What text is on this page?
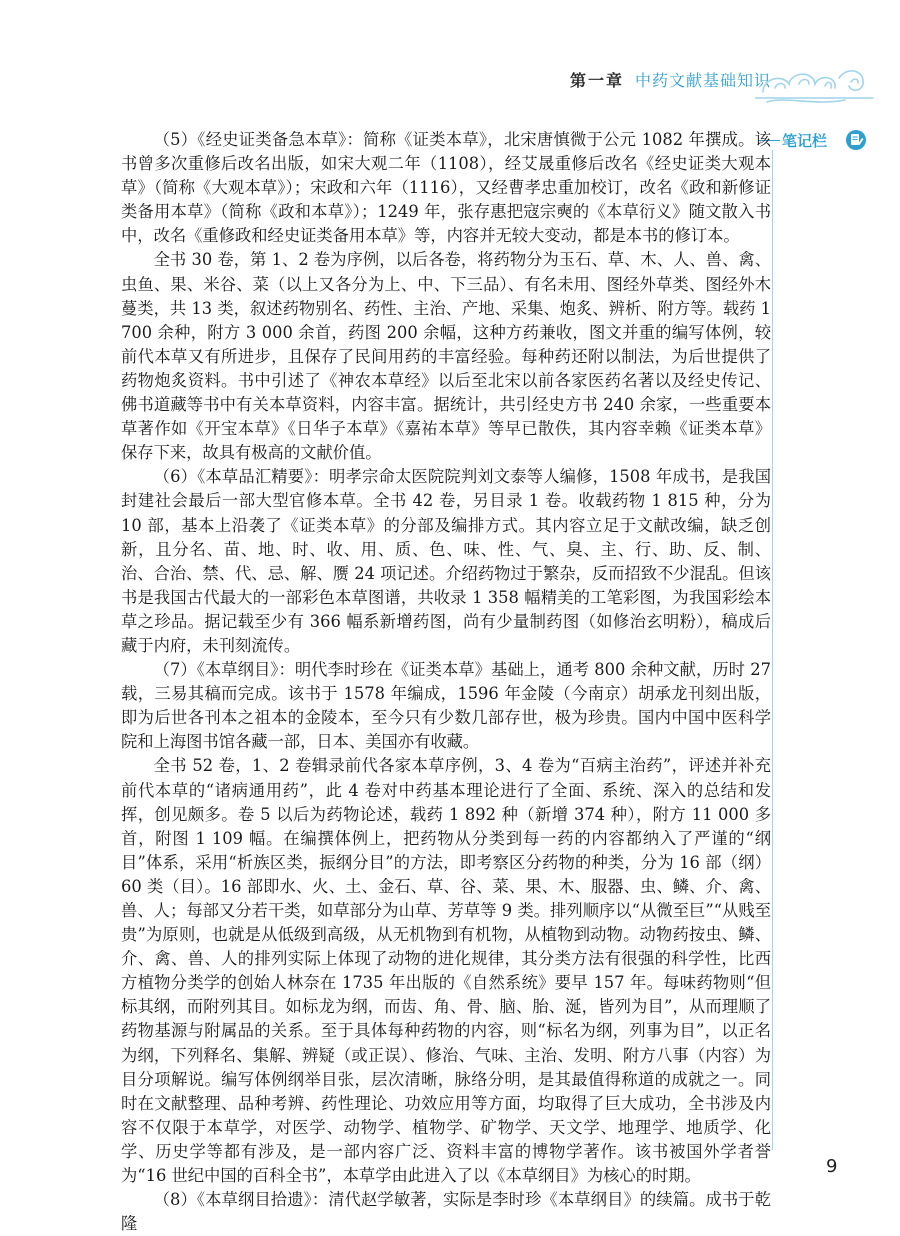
第一章 中药文献基础知识
笔记栏

（5）《经史证类备急本草》：简称《证类本草》，北宋唐慎微于公元 1082 年撰成。该书曾多次重修后改名出版，如宋大观二年（1108），经艾晟重修后改名《经史证类大观本草》（简称《大观本草》）；宋政和六年（1116），又经曹孝忠重加校订，改名《政和新修证类备用本草》（简称《政和本草》）；1249 年，张存惠把寇宗奭的《本草衍义》随文散入书中，改名《重修政和经史证类备用本草》等，内容并无较大变动，都是本书的修订本。

全书 30 卷，第 1、2 卷为序例，以后各卷，将药物分为玉石、草、木、人、兽、禽、虫鱼、果、米谷、菜（以上又各分为上、中、下三品）、有名未用、图经外草类、图经外木蔓类，共 13 类，叙述药物别名、药性、主治、产地、采集、炮炙、辨析、附方等。载药 1 700 余种，附方 3 000 余首，药图 200 余幅，这种方药兼收，图文并重的编写体例，较前代本草又有所进步，且保存了民间用药的丰富经验。每种药还附以制法，为后世提供了药物炮炙资料。书中引述了《神农本草经》以后至北宋以前各家医药名著以及经史传记、佛书道藏等书中有关本草资料，内容丰富。据统计，共引经史方书 240 余家，一些重要本草著作如《开宝本草》《日华子本草》《嘉祐本草》等早已散佚，其内容幸赖《证类本草》保存下来，故具有极高的文献价值。

（6）《本草品汇精要》：明孝宗命太医院院判刘文泰等人编修，1508 年成书，是我国封建社会最后一部大型官修本草。全书 42 卷，另目录 1 卷。收载药物 1 815 种，分为 10 部，基本上沿袭了《证类本草》的分部及编排方式。其内容立足于文献改编，缺乏创新，且分名、苗、地、时、收、用、质、色、味、性、气、臭、主、行、助、反、制、治、合治、禁、代、忌、解、赝 24 项记述。介绍药物过于繁杂，反而招致不少混乱。但该书是我国古代最大的一部彩色本草图谱，共收录 1 358 幅精美的工笔彩图，为我国彩绘本草之珍品。据记载至少有 366 幅系新增药图，尚有少量制药图（如修治玄明粉），稿成后藏于内府，未刊刻流传。

（7）《本草纲目》：明代李时珍在《证类本草》基础上，通考 800 余种文献，历时 27 载，三易其稿而完成。该书于 1578 年编成，1596 年金陵（今南京）胡承龙刊刻出版，即为后世各刊本之祖本的金陵本，至今只有少数几部存世，极为珍贵。国内中国中医科学院和上海图书馆各藏一部，日本、美国亦有收藏。

全书 52 卷，1、2 卷辑录前代各家本草序例，3、4 卷为“百病主治药”，评述并补充前代本草的“诸病通用药”，此 4 卷对中药基本理论进行了全面、系统、深入的总结和发挥，创见颇多。卷 5 以后为药物论述，载药 1 892 种（新增 374 种），附方 11 000 多首，附图 1 109 幅。在编撰体例上，把药物从分类到每一药的内容都纳入了严谨的“纲目”体系，采用“析族区类，振纲分目”的方法，即考察区分药物的种类，分为 16 部（纲）60 类（目）。16 部即水、火、土、金石、草、谷、菜、果、木、服器、虫、鳞、介、禽、兽、人；每部又分若干类，如草部分为山草、芳草等 9 类。排列顺序以“从微至巨”“从贱至贵”为原则，也就是从低级到高级，从无机物到有机物，从植物到动物。动物药按虫、鳞、介、禽、兽、人的排列实际上体现了动物的进化规律，其分类方法有很强的科学性，比西方植物分类学的创始人林奈在 1735 年出版的《自然系统》要早 157 年。每味药物则“但标其纲，而附列其目。如标龙为纲，而齿、角、骨、脑、胎、涎，皆列为目”，从而理顺了药物基源与附属品的关系。至于具体每种药物的内容，则“标名为纲，列事为目”，以正名为纲，下列释名、集解、辨疑（或正误）、修治、气味、主治、发明、附方八事（内容）为目分项解说。编写体例纲举目张，层次清晰，脉络分明，是其最值得称道的成就之一。同时在文献整理、品种考辨、药性理论、功效应用等方面，均取得了巨大成功，全书涉及内容不仅限于本草学，对医学、动物学、植物学、矿物学、天文学、地理学、地质学、化学、历史学等都有涉及，是一部内容广泛、资料丰富的博物学著作。该书被国外学者誉为“16 世纪中国的百科全书”，本草学由此进入了以《本草纲目》为核心的时期。

（8）《本草纲目拾遗》：清代赵学敏著，实际是李时珍《本草纲目》的续篇。成书于乾隆

9
